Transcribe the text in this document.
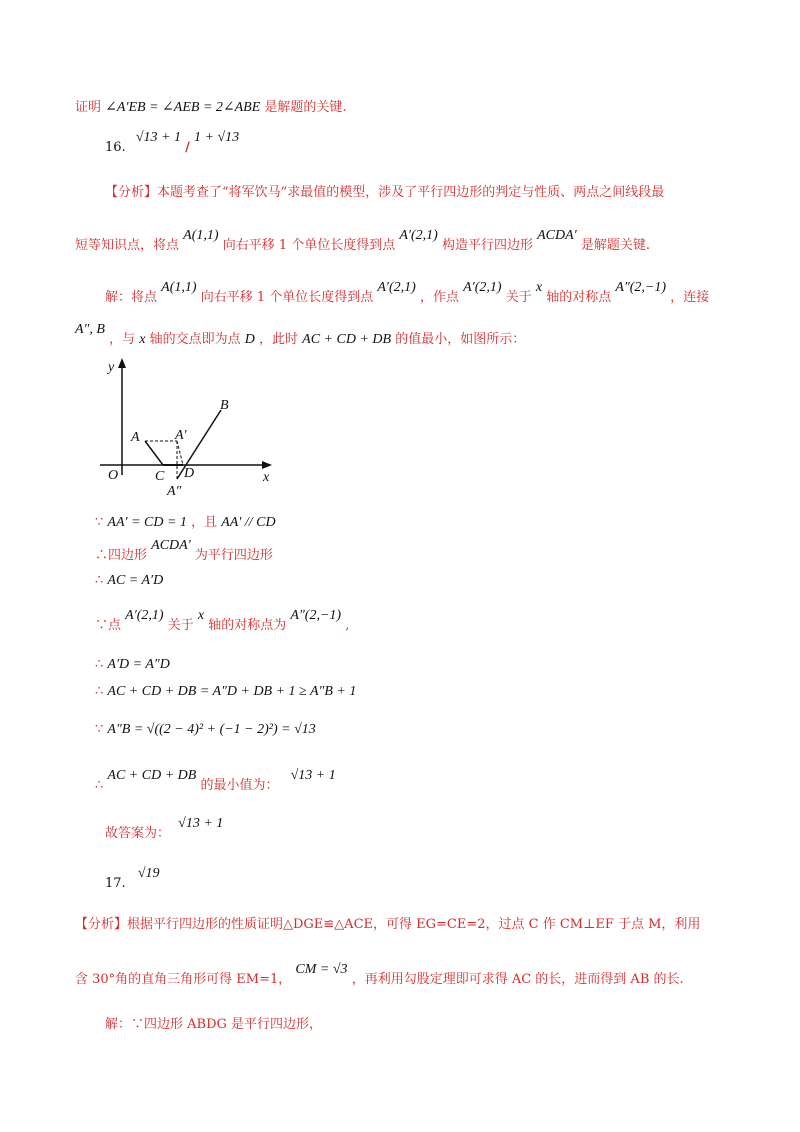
证明 ∠A′EB = ∠AEB = 2∠ABE 是解题的关键.
16. √13 + 1 / 1 + √13
【分析】本题考查了“将军饮马”求最值的模型，涉及了平行四边形的判定与性质、两点之间线段最
短等知识点，将点 A(1,1) 向右平移 1 个单位长度得到点 A′(2,1) 构造平行四边形 ACDA′ 是解题关键.
解：将点 A(1,1) 向右平移 1 个单位长度得到点 A′(2,1) ，作点 A′(2,1) 关于 x 轴的对称点 A″(2,−1) ，连接
A″, B ，与 x 轴的交点即为点 D ，此时 AC + CD + DB 的值最小，如图所示：
y
x
O
A	A′
A″
B
C D
∵ AA′ = CD = 1 ，且 AA′ // CD
∴四边形 ACDA′ 为平行四边形
∴ AC = A′D
∵点 A′(2,1) 关于 x 轴的对称点为 A″(2,−1) ,
∴ A′D = A″D
∴ AC + CD + DB = A″D + DB + 1 ≥ A″B + 1
∵ A″B = √((2 − 4)² + (−1 − 2)²) = √13
∴ AC + CD + DB 的最小值为： √13 + 1
故答案为： √13 + 1
17. √19
【分析】根据平行四边形的性质证明△DGE≌△ACE，可得 EG=CE=2，过点 C 作 CM⊥EF 于点 M，利用
含 30°角的直角三角形可得 EM=1， CM = √3 ，再利用勾股定理即可求得 AC 的长，进而得到 AB 的长.
解：∵四边形 ABDG 是平行四边形，
